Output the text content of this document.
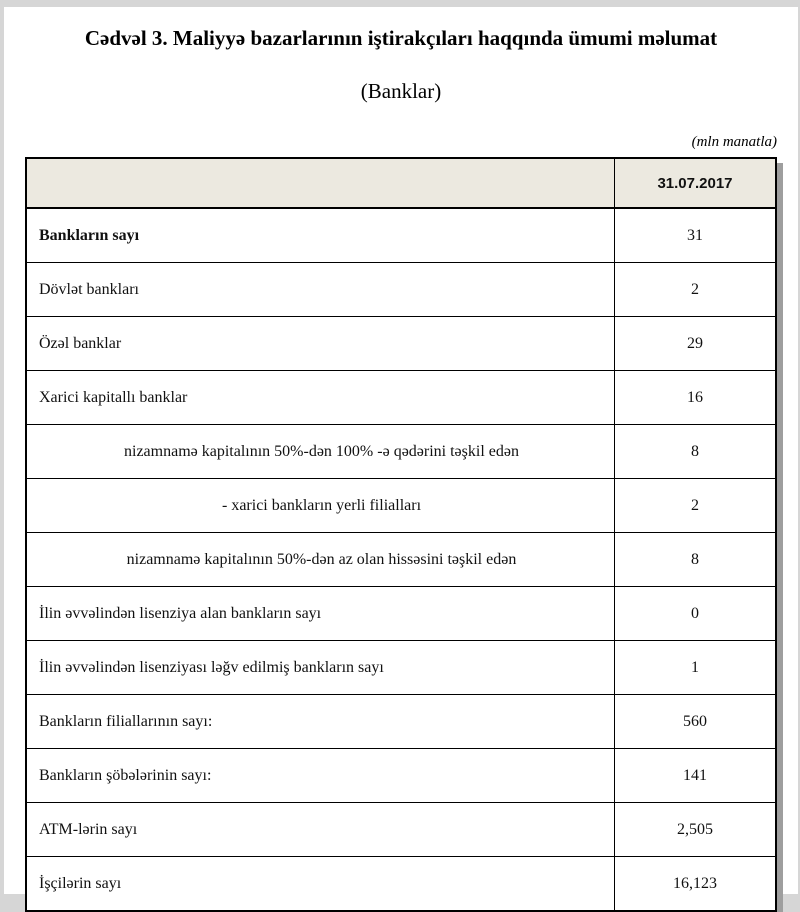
Cədvəl 3. Maliyyə bazarlarının iştirakçıları haqqında ümumi məlumat
(Banklar)
(mln manatla)
	31.07.2017
Bankların sayı	31
Dövlət bankları	2
Özəl banklar	29
Xarici kapitallı banklar	16
nizamnamə kapitalının 50%-dən 100% -ə qədərini təşkil edən	8
- xarici bankların yerli filialları	2
nizamnamə kapitalının 50%-dən az olan hissəsini təşkil edən	8
İlin əvvəlindən lisenziya alan bankların sayı	0
İlin əvvəlindən lisenziyası ləğv edilmiş bankların sayı	1
Bankların filiallarının sayı:	560
Bankların şöbələrinin sayı:	141
ATM-lərin sayı	2,505
İşçilərin sayı	16,123
